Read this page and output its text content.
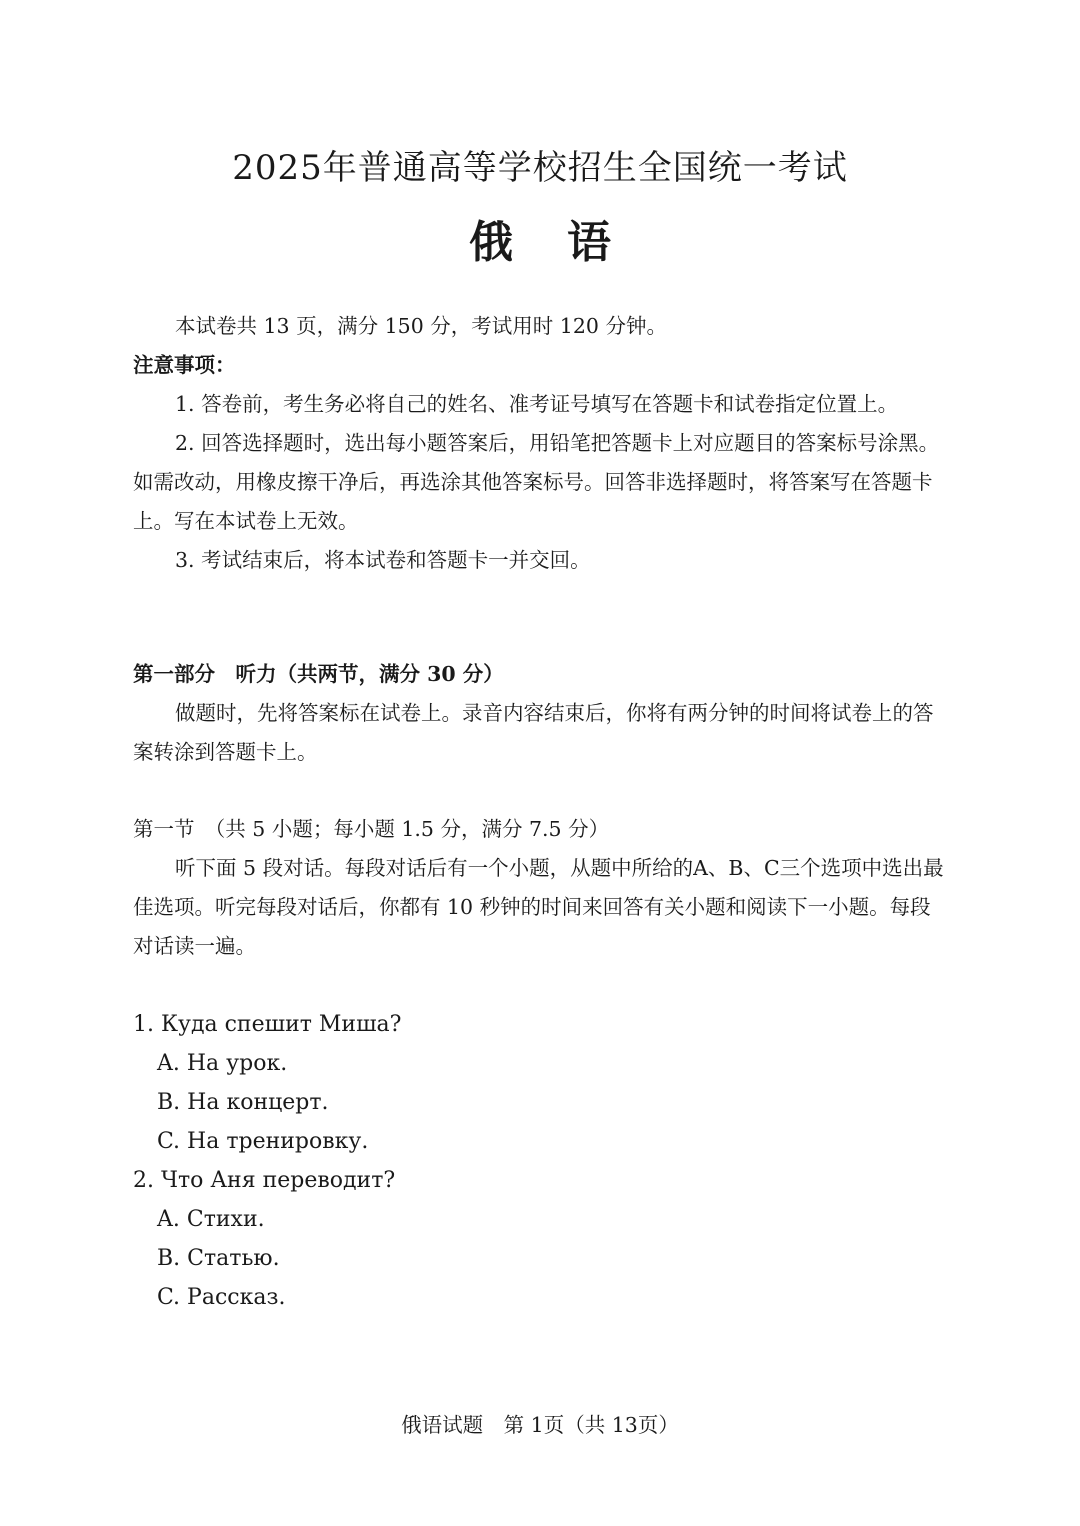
2025年普通高等学校招生全国统一考试
俄语

本试卷共 13 页，满分 150 分，考试用时 120 分钟。

注意事项：

1. 答卷前，考生务必将自己的姓名、准考证号填写在答题卡和试卷指定位置上。

2. 回答选择题时，选出每小题答案后，用铅笔把答题卡上对应题目的答案标号涂黑。如需改动，用橡皮擦干净后，再选涂其他答案标号。回答非选择题时，将答案写在答题卡上。写在本试卷上无效。

3. 考试结束后，将本试卷和答题卡一并交回。

第一部分　听力（共两节，满分 30 分）

做题时，先将答案标在试卷上。录音内容结束后，你将有两分钟的时间将试卷上的答案转涂到答题卡上。

第一节　（共 5 小题；每小题 1.5 分，满分 7.5 分）

听下面 5 段对话。每段对话后有一个小题，从题中所给的A、B、C三个选项中选出最佳选项。听完每段对话后，你都有 10 秒钟的时间来回答有关小题和阅读下一小题。每段对话读一遍。

1. Куда спешит Миша?

A. На урок.

B. На концерт.

C. На тренировку.

2. Что Аня переводит?

A. Стихи.

B. Статью.

C. Рассказ.

俄语试题　第 1页（共 13页）
